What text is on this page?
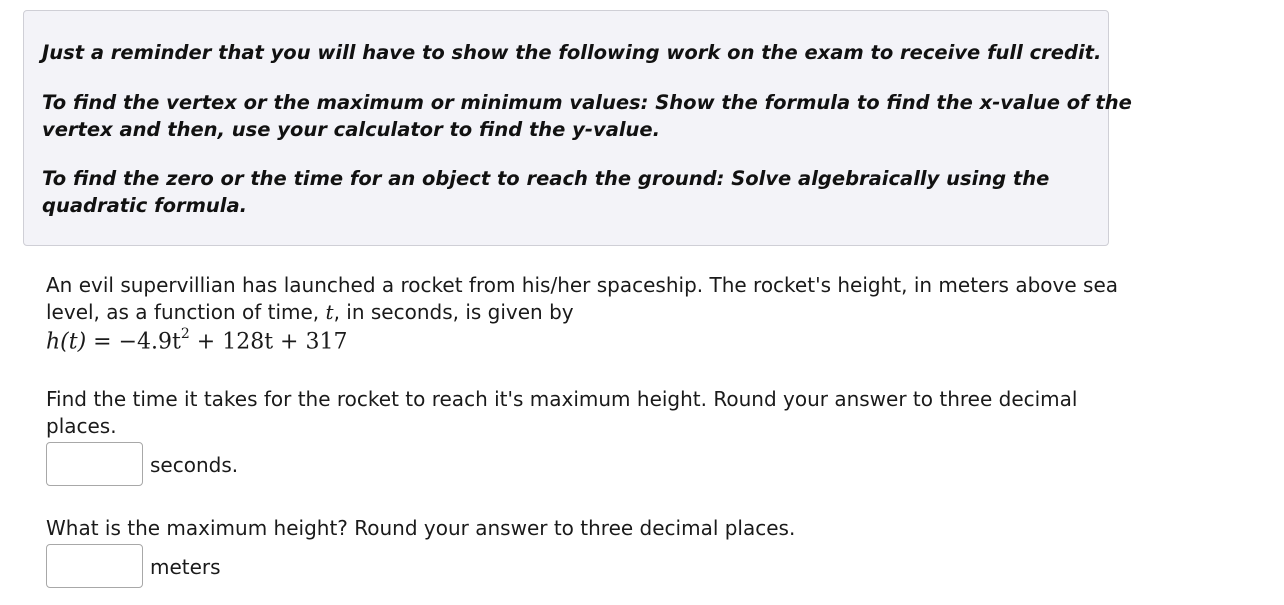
Just a reminder that you will have to show the following work on the exam to receive full credit.

To find the vertex or the maximum or minimum values: Show the formula to find the x-value of the

vertex and then, use your calculator to find the y-value.

To find the zero or the time for an object to reach the ground: Solve algebraically using the

quadratic formula.

An evil supervillian has launched a rocket from his/her spaceship. The rocket's height, in meters above sea

level, as a function of time, t, in seconds, is given by

$h(t) = -4.9t^2 + 128t + 317$

Find the time it takes for the rocket to reach it's maximum height. Round your answer to three decimal

places.

seconds.

What is the maximum height? Round your answer to three decimal places.

meters
